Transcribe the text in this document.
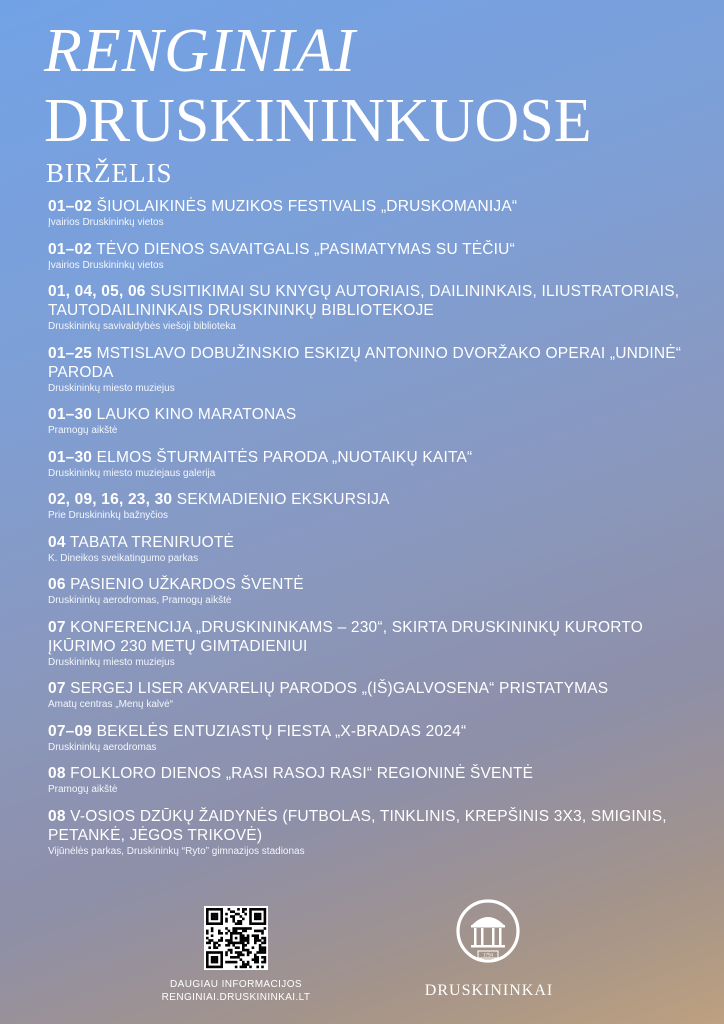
RENGINIAI
DRUSKININKUOSE
BIRŽELIS
01–02 ŠIUOLAIKINĖS MUZIKOS FESTIVALIS „DRUSKOMANIJA“
Įvairios Druskininkų vietos
01–02 TĖVO DIENOS SAVAITGALIS „PASIMATYMAS SU TĖČIU“
Įvairios Druskininkų vietos
01, 04, 05, 06 SUSITIKIMAI SU KNYGŲ AUTORIAIS, DAILININKAIS, ILIUSTRATORIAIS, TAUTODAILININKAIS DRUSKININKŲ BIBLIOTEKOJE
Druskininkų savivaldybės viešoji biblioteka
01–25 MSTISLAVO DOBUŽINSKIO ESKIZŲ ANTONINO DVORŽAKO OPERAI „UNDINĖ“ PARODA
Druskininkų miesto muziejus
01–30 LAUKO KINO MARATONAS
Pramogų aikštė
01–30 ELMOS ŠTURMAITĖS PARODA „NUOTAIKŲ KAITA“
Druskininkų miesto muziejaus galerija
02, 09, 16, 23, 30 SEKMADIENIO EKSKURSIJA
Prie Druskininkų bažnyčios
04 TABATA TRENIRUOTĖ
K. Dineikos sveikatingumo parkas
06 PASIENIO UŽKARDOS ŠVENTĖ
Druskininkų aerodromas, Pramogų aikštė
07 KONFERENCIJA „DRUSKININKAMS – 230“, SKIRTA DRUSKININKŲ KURORTO ĮKŪRIMO 230 METŲ GIMTADIENIUI
Druskininkų miesto muziejus
07 SERGEJ LISER AKVARELIŲ PARODOS „(IŠ)GALVOSENA“ PRISTATYMAS
Amatų centras „Menų kalvė“
07–09 BEKELĖS ENTUZIASTŲ FIESTA „X-BRADAS 2024“
Druskininkų aerodromas
08 FOLKLORO DIENOS „RASI RASOJ RASI“ REGIONINĖ ŠVENTĖ
Pramogų aikštė
08 V-OSIOS DZŪKŲ ŽAIDYNĖS (FUTBOLAS, TINKLINIS, KREPŠINIS 3X3, SMIGINIS, PETANKĖ, JĖGOS TRIKOVĖ)
Vijūnėlės parkas, Druskininkų “Ryto” gimnazijos stadionas
DAUGIAU INFORMACIJOS
RENGINIAI.DRUSKININKAI.LT
1794
DRUSKININKAI
